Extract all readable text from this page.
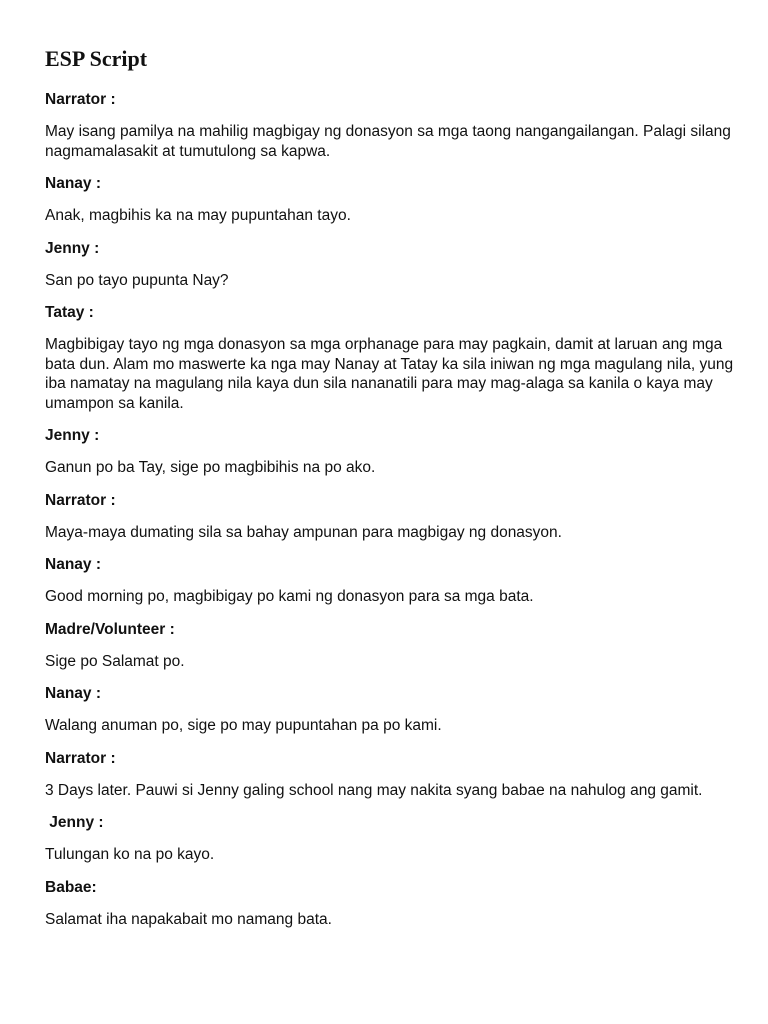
ESP Script

Narrator :

May isang pamilya na mahilig magbigay ng donasyon sa mga taong nangangailangan. Palagi silang nagmamalasakit at tumutulong sa kapwa.

Nanay :

Anak, magbihis ka na may pupuntahan tayo.

Jenny :

San po tayo pupunta Nay?

Tatay :

Magbibigay tayo ng mga donasyon sa mga orphanage para may pagkain, damit at laruan ang mga bata dun. Alam mo maswerte ka nga may Nanay at Tatay ka sila iniwan ng mga magulang nila, yung iba namatay na magulang nila kaya dun sila nananatili para may mag-alaga sa kanila o kaya may umampon sa kanila.

Jenny :

Ganun po ba Tay, sige po magbibihis na po ako.

Narrator :

Maya-maya dumating sila sa bahay ampunan para magbigay ng donasyon.

Nanay :

Good morning po, magbibigay po kami ng donasyon para sa mga bata.

Madre/Volunteer :

Sige po Salamat po.

Nanay :

Walang anuman po, sige po may pupuntahan pa po kami.

Narrator :

3 Days later. Pauwi si Jenny galing school nang may nakita syang babae na nahulog ang gamit.

Jenny :

Tulungan ko na po kayo.

Babae:

Salamat iha napakabait mo namang bata.
